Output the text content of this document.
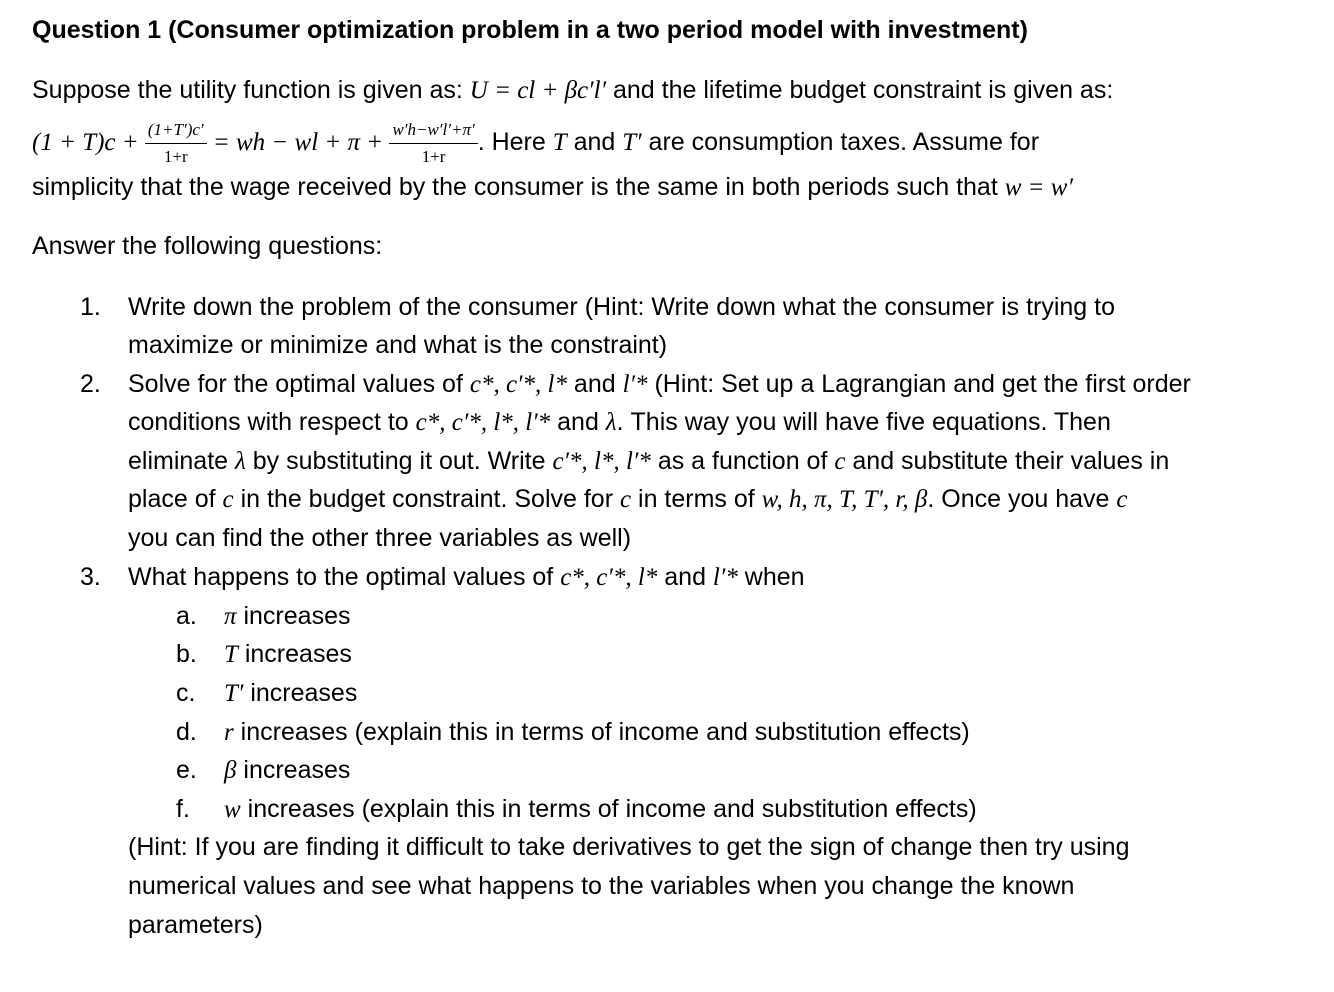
Question 1 (Consumer optimization problem in a two period model with investment)
Suppose the utility function is given as: U = cl + βc′l′ and the lifetime budget constraint is given as:
$(1 + T)c + \frac{(1+T')c'}{1+r}$ = wh − wl + $\pi + \frac{w'h-w'l'+\pi'}{1+r}$ . Here T and T′ are consumption taxes. Assume for
simplicity that the wage received by the consumer is the same in both periods such that w = w′
Answer the following questions:
1. Write down the problem of the consumer (Hint: Write down what the consumer is trying to
maximize or minimize and what is the constraint)
2. Solve for the optimal values of c*, c′*, l* and l′* (Hint: Set up a Lagrangian and get the first order
conditions with respect to c*, c′*, l*, l′* and λ. This way you will have five equations. Then
eliminate λ by substituting it out. Write c′*, l*, l′* as a function of c and substitute their values in
place of c in the budget constraint. Solve for c in terms of w, h, π, T, T′, r, β. Once you have c
you can find the other three variables as well)
3. What happens to the optimal values of c*, c′*, l* and l′* when
a. π increases
b. T increases
c. T′ increases
d. r increases (explain this in terms of income and substitution effects)
e. β increases
f. w increases (explain this in terms of income and substitution effects)
(Hint: If you are finding it difficult to take derivatives to get the sign of change then try using
numerical values and see what happens to the variables when you change the known
parameters)
